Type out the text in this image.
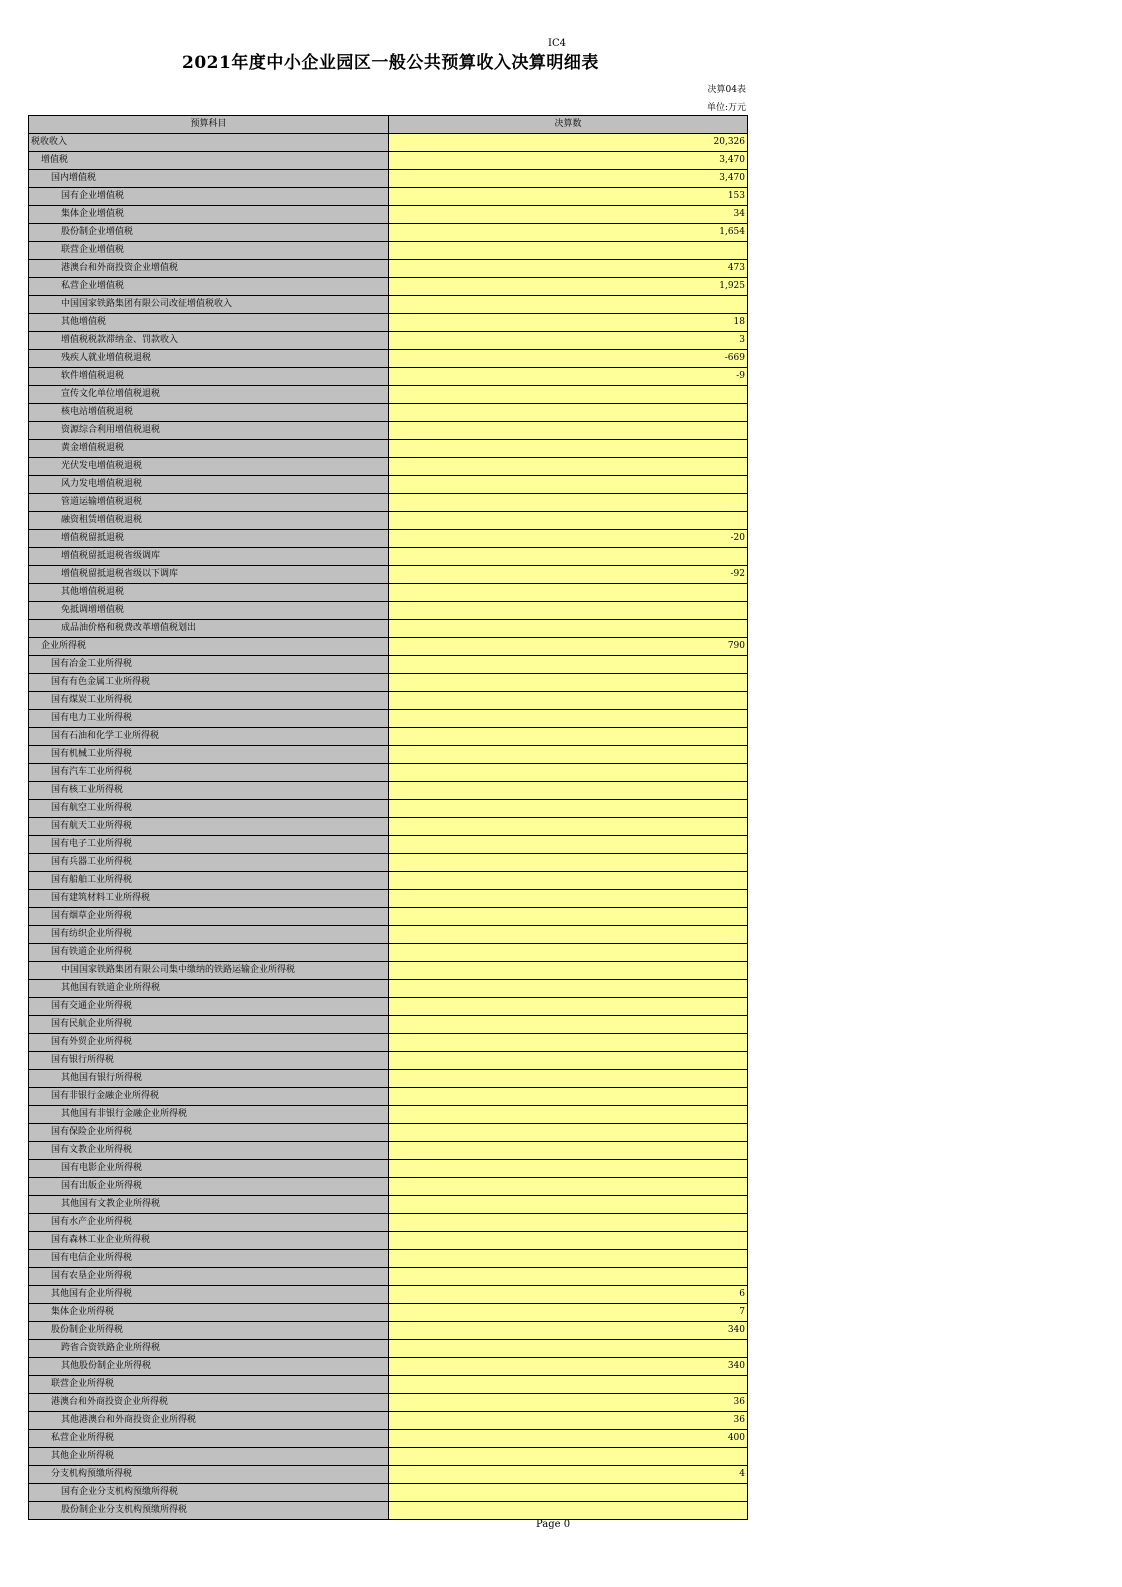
IC4
2021年度中小企业园区一般公共预算收入决算明细表
决算04表
单位:万元
预算科目	决算数
税收收入	20,326
增值税	3,470
国内增值税	3,470
国有企业增值税	153
集体企业增值税	34
股份制企业增值税	1,654
联营企业增值税	
港澳台和外商投资企业增值税	473
私营企业增值税	1,925
中国国家铁路集团有限公司改征增值税收入	
其他增值税	18
增值税税款滞纳金、罚款收入	3
残疾人就业增值税退税	-669
软件增值税退税	-9
宣传文化单位增值税退税	
核电站增值税退税	
资源综合利用增值税退税	
黄金增值税退税	
光伏发电增值税退税	
风力发电增值税退税	
管道运输增值税退税	
融资租赁增值税退税	
增值税留抵退税	-20
增值税留抵退税省级调库	
增值税留抵退税省级以下调库	-92
其他增值税退税	
免抵调增增值税	
成品油价格和税费改革增值税划出	
企业所得税	790
国有冶金工业所得税	
国有有色金属工业所得税	
国有煤炭工业所得税	
国有电力工业所得税	
国有石油和化学工业所得税	
国有机械工业所得税	
国有汽车工业所得税	
国有核工业所得税	
国有航空工业所得税	
国有航天工业所得税	
国有电子工业所得税	
国有兵器工业所得税	
国有船舶工业所得税	
国有建筑材料工业所得税	
国有烟草企业所得税	
国有纺织企业所得税	
国有铁道企业所得税	
中国国家铁路集团有限公司集中缴纳的铁路运输企业所得税	
其他国有铁道企业所得税	
国有交通企业所得税	
国有民航企业所得税	
国有外贸企业所得税	
国有银行所得税	
其他国有银行所得税	
国有非银行金融企业所得税	
其他国有非银行金融企业所得税	
国有保险企业所得税	
国有文教企业所得税	
国有电影企业所得税	
国有出版企业所得税	
其他国有文教企业所得税	
国有水产企业所得税	
国有森林工业企业所得税	
国有电信企业所得税	
国有农垦企业所得税	
其他国有企业所得税	6
集体企业所得税	7
股份制企业所得税	340
跨省合资铁路企业所得税	
其他股份制企业所得税	340
联营企业所得税	
港澳台和外商投资企业所得税	36
其他港澳台和外商投资企业所得税	36
私营企业所得税	400
其他企业所得税	
分支机构预缴所得税	4
国有企业分支机构预缴所得税	
股份制企业分支机构预缴所得税	
Page 0
